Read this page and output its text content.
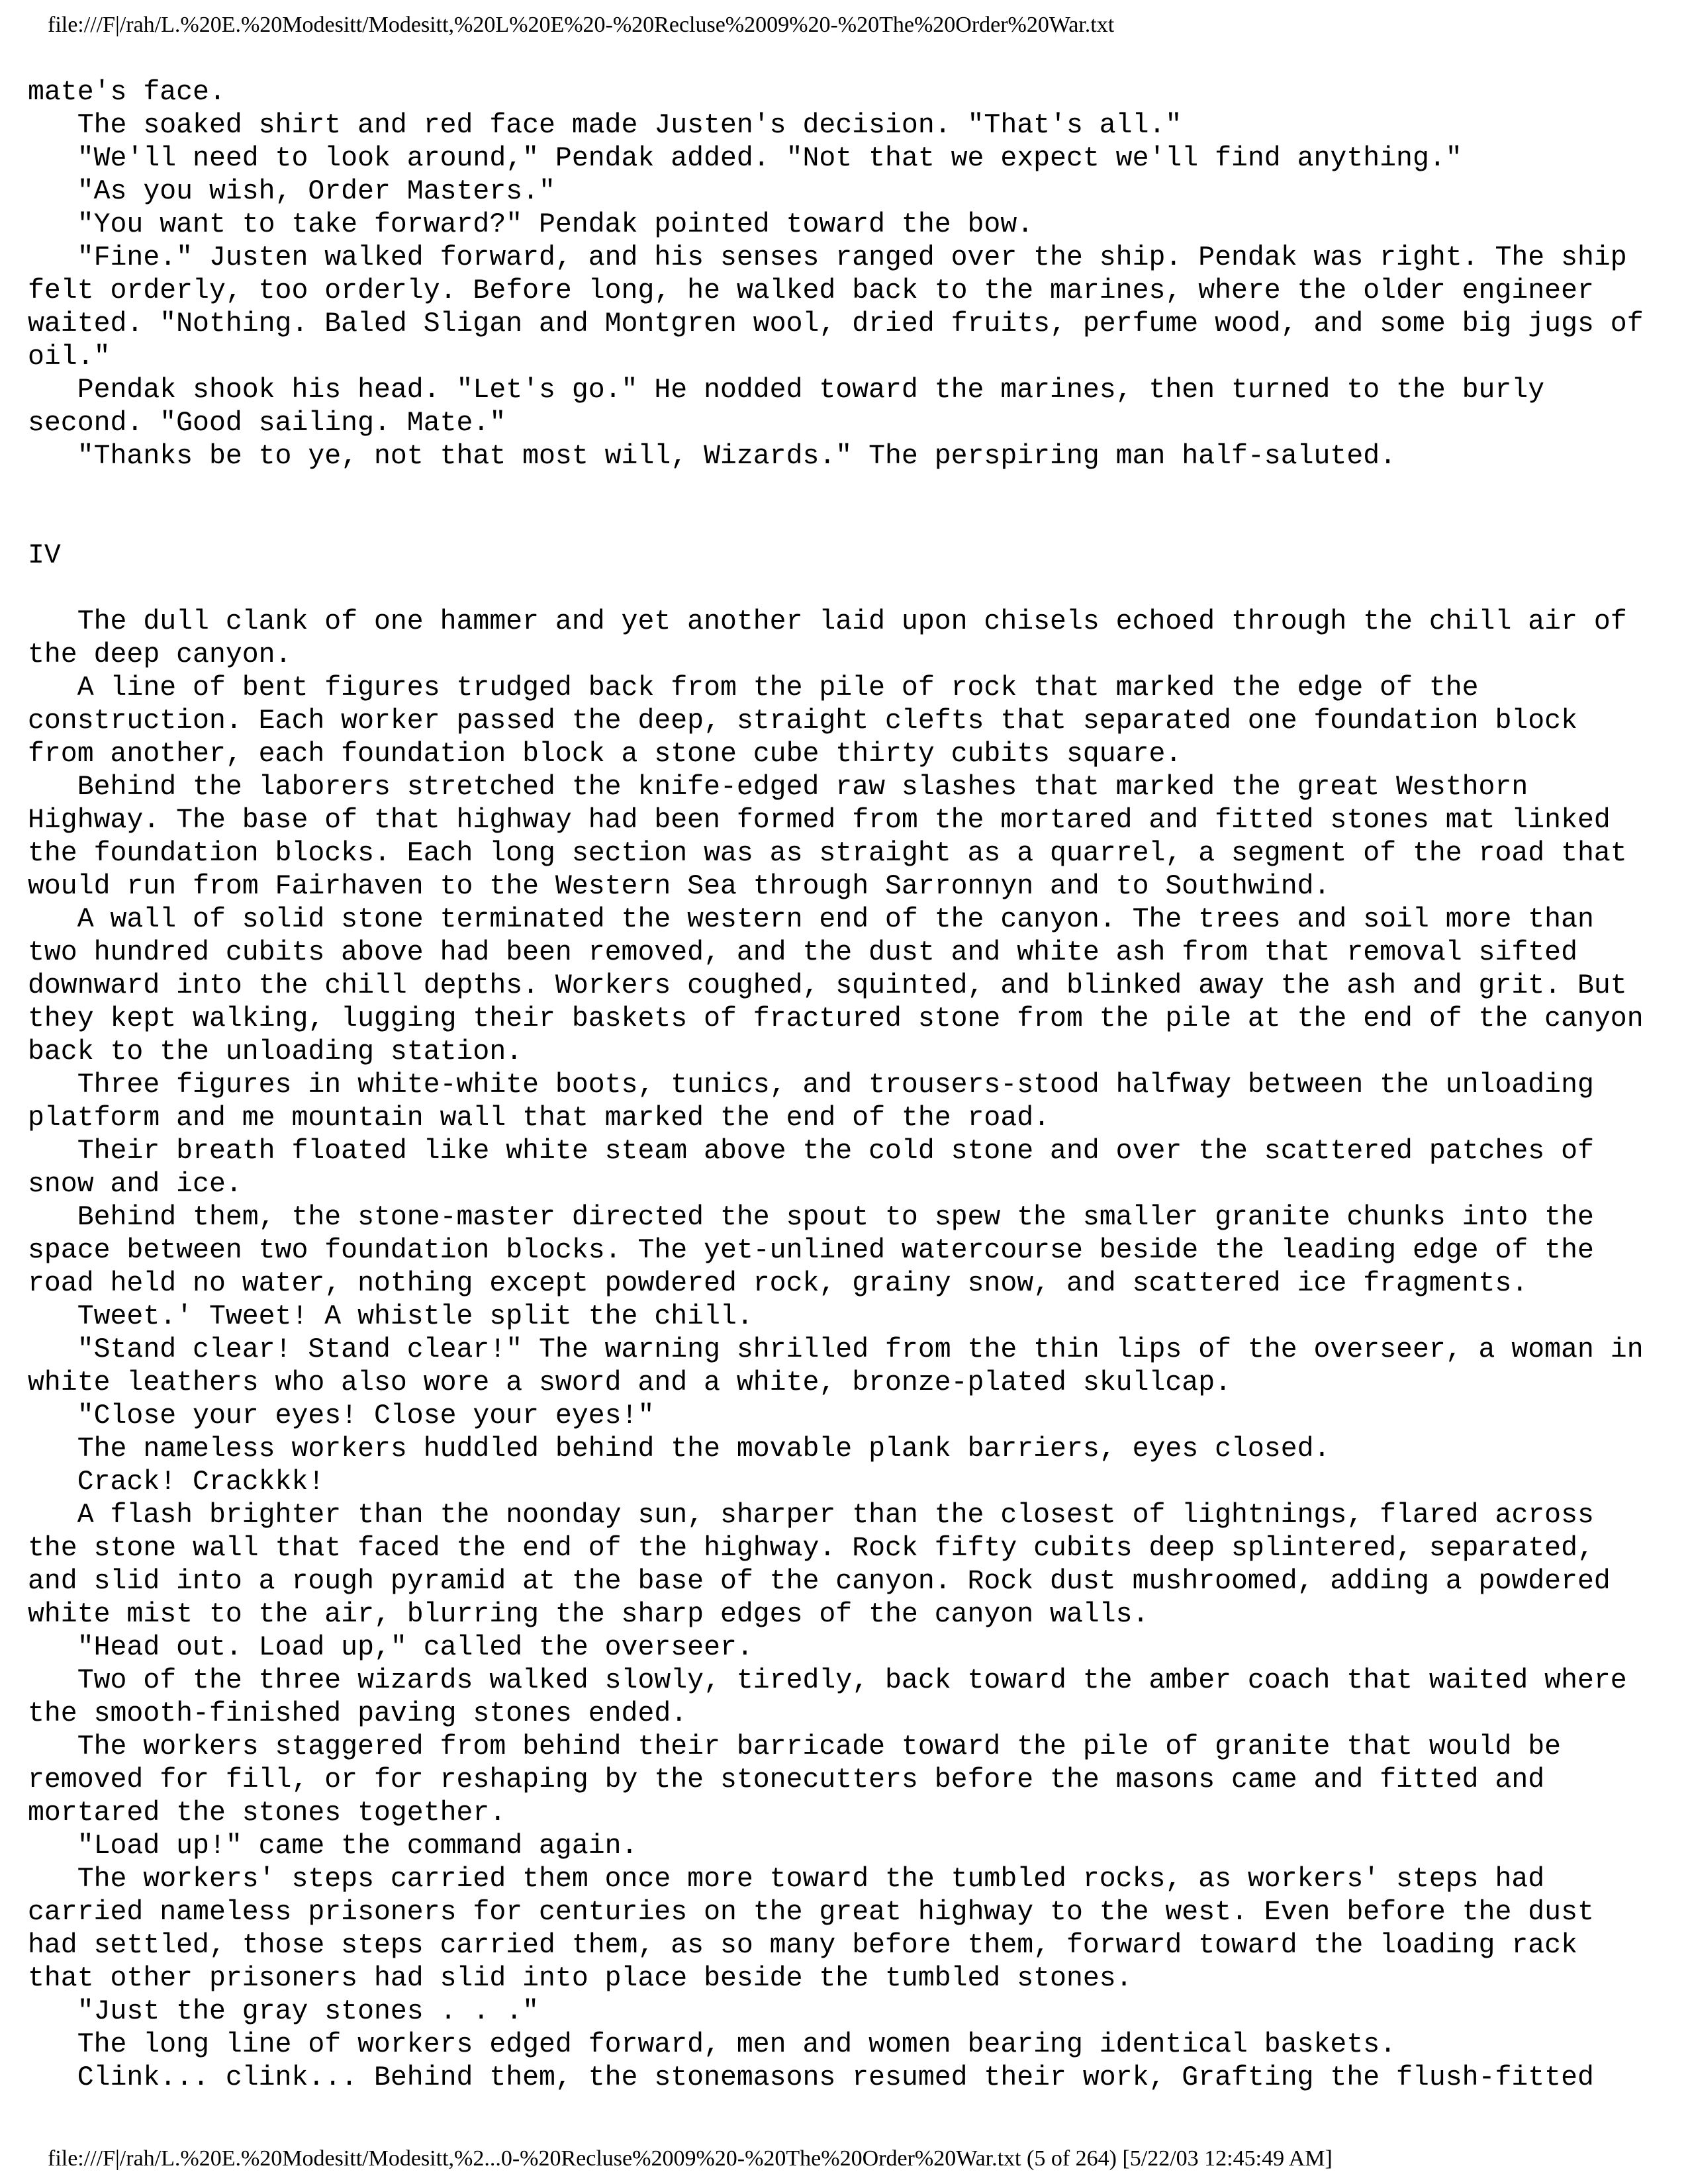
file:///F|/rah/L.%20E.%20Modesitt/Modesitt,%20L%20E%20-%20Recluse%2009%20-%20The%20Order%20War.txt
mate's face.
The soaked shirt and red face made Justen's decision. "That's all."
"We'll need to look around," Pendak added. "Not that we expect we'll find anything."
"As you wish, Order Masters."
"You want to take forward?" Pendak pointed toward the bow.
"Fine." Justen walked forward, and his senses ranged over the ship. Pendak was right. The ship
felt orderly, too orderly. Before long, he walked back to the marines, where the older engineer
waited. "Nothing. Baled Sligan and Montgren wool, dried fruits, perfume wood, and some big jugs of
oil."
Pendak shook his head. "Let's go." He nodded toward the marines, then turned to the burly
second. "Good sailing. Mate."
"Thanks be to ye, not that most will, Wizards." The perspiring man half-saluted.
IV
The dull clank of one hammer and yet another laid upon chisels echoed through the chill air of
the deep canyon.
A line of bent figures trudged back from the pile of rock that marked the edge of the
construction. Each worker passed the deep, straight clefts that separated one foundation block
from another, each foundation block a stone cube thirty cubits square.
Behind the laborers stretched the knife-edged raw slashes that marked the great Westhorn
Highway. The base of that highway had been formed from the mortared and fitted stones mat linked
the foundation blocks. Each long section was as straight as a quarrel, a segment of the road that
would run from Fairhaven to the Western Sea through Sarronnyn and to Southwind.
A wall of solid stone terminated the western end of the canyon. The trees and soil more than
two hundred cubits above had been removed, and the dust and white ash from that removal sifted
downward into the chill depths. Workers coughed, squinted, and blinked away the ash and grit. But
they kept walking, lugging their baskets of fractured stone from the pile at the end of the canyon
back to the unloading station.
Three figures in white-white boots, tunics, and trousers-stood halfway between the unloading
platform and me mountain wall that marked the end of the road.
Their breath floated like white steam above the cold stone and over the scattered patches of
snow and ice.
Behind them, the stone-master directed the spout to spew the smaller granite chunks into the
space between two foundation blocks. The yet-unlined watercourse beside the leading edge of the
road held no water, nothing except powdered rock, grainy snow, and scattered ice fragments.
Tweet.' Tweet! A whistle split the chill.
"Stand clear! Stand clear!" The warning shrilled from the thin lips of the overseer, a woman in
white leathers who also wore a sword and a white, bronze-plated skullcap.
"Close your eyes! Close your eyes!"
The nameless workers huddled behind the movable plank barriers, eyes closed.
Crack! Crackkk!
A flash brighter than the noonday sun, sharper than the closest of lightnings, flared across
the stone wall that faced the end of the highway. Rock fifty cubits deep splintered, separated,
and slid into a rough pyramid at the base of the canyon. Rock dust mushroomed, adding a powdered
white mist to the air, blurring the sharp edges of the canyon walls.
"Head out. Load up," called the overseer.
Two of the three wizards walked slowly, tiredly, back toward the amber coach that waited where
the smooth-finished paving stones ended.
The workers staggered from behind their barricade toward the pile of granite that would be
removed for fill, or for reshaping by the stonecutters before the masons came and fitted and
mortared the stones together.
"Load up!" came the command again.
The workers' steps carried them once more toward the tumbled rocks, as workers' steps had
carried nameless prisoners for centuries on the great highway to the west. Even before the dust
had settled, those steps carried them, as so many before them, forward toward the loading rack
that other prisoners had slid into place beside the tumbled stones.
"Just the gray stones . . ."
The long line of workers edged forward, men and women bearing identical baskets.
Clink... clink... Behind them, the stonemasons resumed their work, Grafting the flush-fitted
file:///F|/rah/L.%20E.%20Modesitt/Modesitt,%2...0-%20Recluse%2009%20-%20The%20Order%20War.txt (5 of 264) [5/22/03 12:45:49 AM]
